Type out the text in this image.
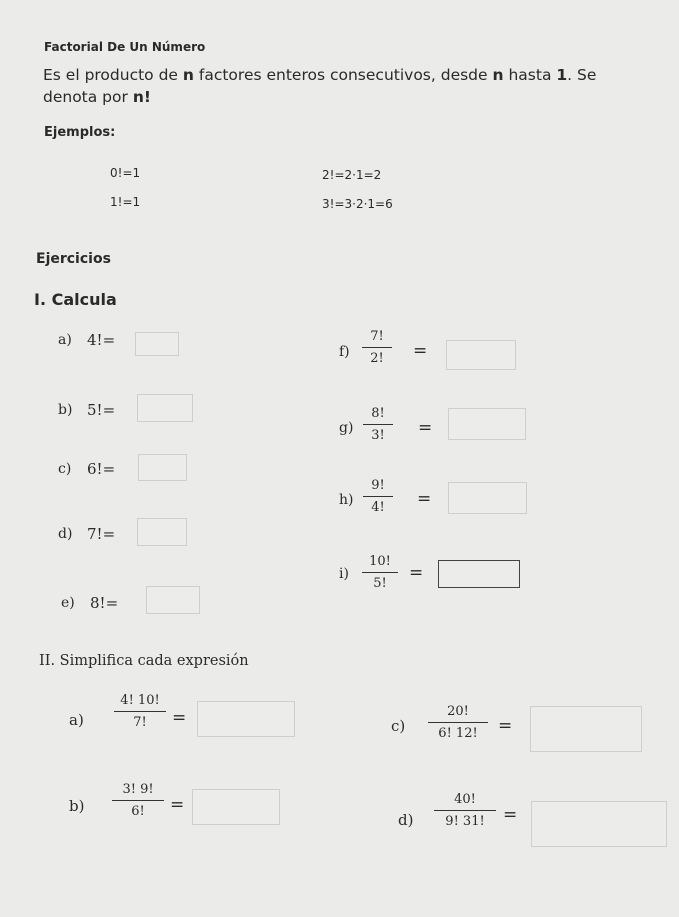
Factorial De Un Número
Es el producto de n factores enteros consecutivos, desde n hasta 1. Se denota por n!
Ejemplos:
0!=1
1!=1
2!=2·1=2
3!=3·2·1=6
Ejercicios
I. Calcula
a) 4!=
b) 5!=
c) 6!=
d) 7!=
e) 8!=
f)
7!
2!	=
g)
8!
3!	=
h)
9!
4!	=
i)
10!
5!
=
II. Simplifica cada expresión
a)
4! 10!
7!	=
b)
3! 9!
6!	=
c)
20!
6! 12!	=
d)
40!
9! 31!	=
